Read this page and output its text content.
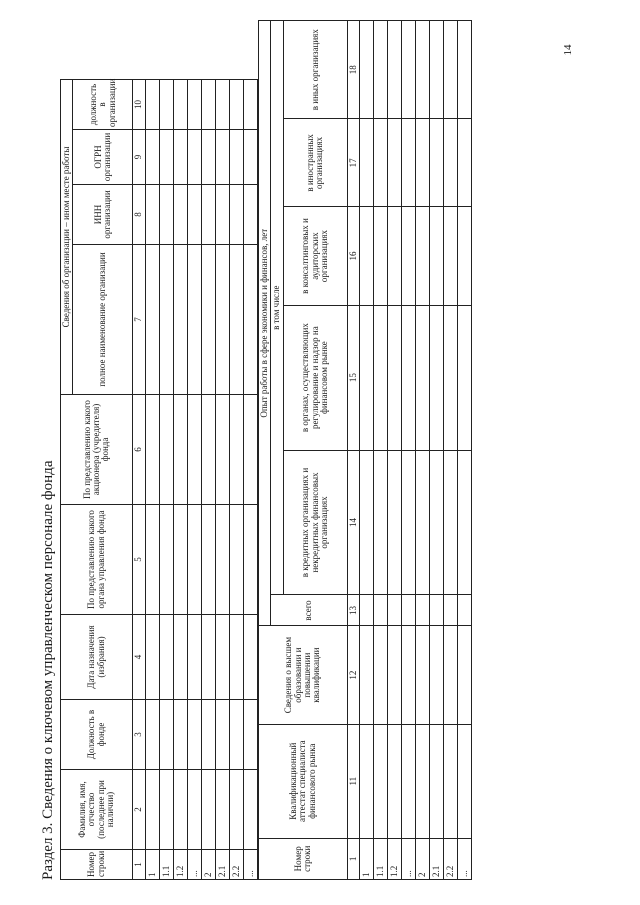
14
Раздел 3. Сведения о ключевом управленческом персонале фонда	Номер строки	Фамилия, имя, отчество (последнее при наличии)	Должность в фонде	Дата назначения (избрания)	По представлению какого органа управления фонда	По представлению какого акционера (учредителя) фонда	Сведения об организации – ином месте работы			
						полное наименование организации	ИНН организации	ОГРН организации	должность в организации
1	2	3	4	5	6	7	8	9	10
1									
1.1									
1.2									
...									
2									
2.1									
2.2									
...									
Номер строки	Квалификационный аттестат специалиста финансового рынка	Сведения о высшем образовании и повышении квалификации	Опыт работы в сфере экономики и финансов, лет					
			всего	в том числе				
				в кредитных организациях и некредитных финансовых организациях	в органах, осуществляющих регулирование и надзор на финансовом рынке	в консалтинговых и аудиторских организациях	в иностранных организациях	в иных организациях
1	11	12	13	14	15	16	17	18
1								
1.1								
1.2								
...								
2								
2.1								
2.2								
...								
